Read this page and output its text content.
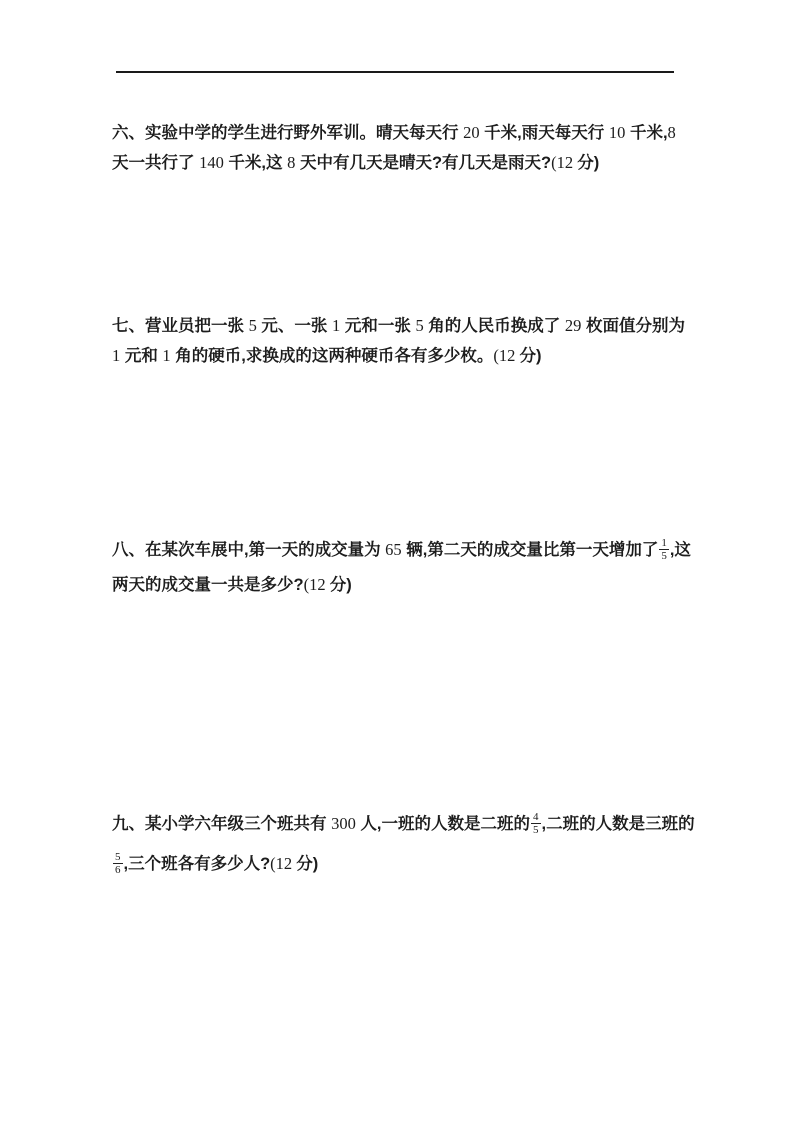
六、实验中学的学生进行野外军训。晴天每天行 20 千米,雨天每天行 10 千米,8
天一共行了 140 千米,这 8 天中有几天是晴天?有几天是雨天?(12 分)
七、营业员把一张 5 元、一张 1 元和一张 5 角的人民币换成了 29 枚面值分别为
1 元和 1 角的硬币,求换成的这两种硬币各有多少枚。(12 分)
八、在某次车展中,第一天的成交量为 65 辆,第二天的成交量比第一天增加了 $\frac{1}{5}$ ,这
两天的成交量一共是多少?(12 分)
九、某小学六年级三个班共有 300 人,一班的人数是二班的 $\frac{4}{5}$ ,二班的人数是三班的
$\frac{5}{6}$ ,三个班各有多少人?(12 分)
